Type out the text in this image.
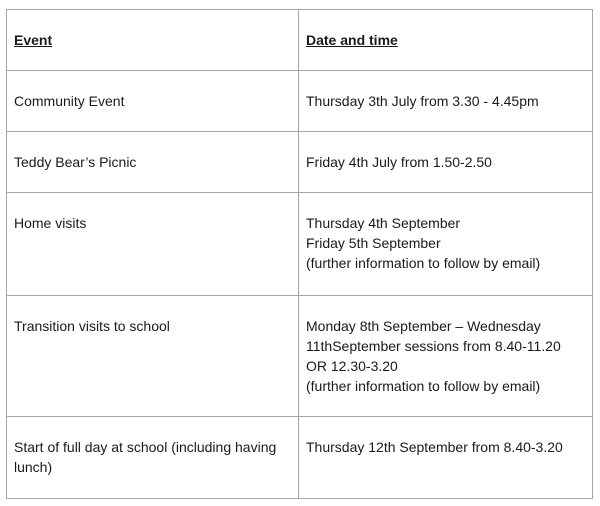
Event	Date and time
Community Event	Thursday 3th July from 3.30 - 4.45pm

Teddy Bear’s Picnic	Friday 4th July from 1.50-2.50

Home visits	Thursday 4th September
Friday 5th September
(further information to follow by email)

Transition visits to school	Monday 8th September – Wednesday
11thSeptember sessions from 8.40-11.20
OR 12.30-3.20
(further information to follow by email)

Start of full day at school (including having lunch)	Thursday 12th September from 8.40-3.20
